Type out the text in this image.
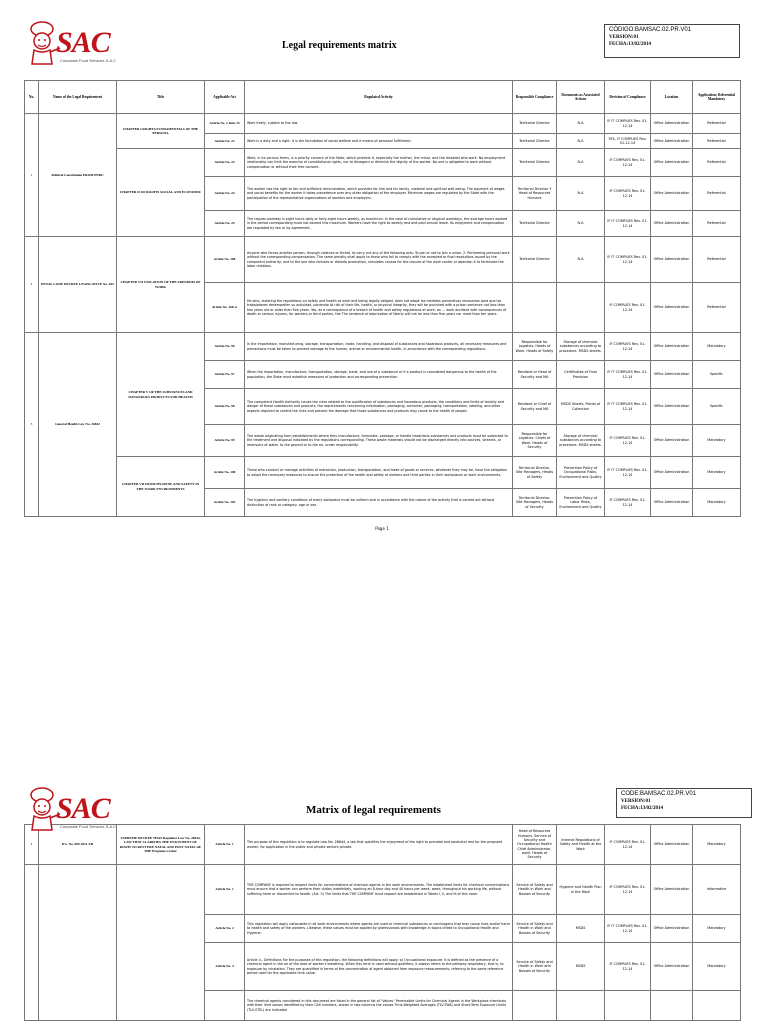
SAC
Corporate Food Services S.A.C
Legal requirements matrix
CÓDIGO:BAMSAC.02.PR.V01
VERSION:01
FECHA:13/02/2014
No.	Name of the Legal Requirement	Title	Applicable Art	Regulated Activity	Responsible Compliance	Documents as Associated Actions	Revision of Compliance	Location	Application: Referential Mandatory
1	Political Constitution FROM PERU	CHAPTER I RIGHTS FUNDAMENTALS OF THE PERSONA	Article No. 2 Item 15	Work freely, subject to the law.	Territorial Director	N.A	IF IT COMPLIES Rev. 01-12-14	Office Administration	Referential
			Article No. 22	Work is a duty and a right. It is the foundation of social welfare and a means of personal fulfillment.	Territorial Director	N.A	YES, IT COMPLIES Rev. 01-12-14	Office Administration	Referential
		CHAPTER II OF RIGHTS SOCIAL AND ECONOMIC	Article No. 23	Work, in its various forms, is a priority concern of the State, which protects it, especially the mother, the minor, and the disabled who work. No employment relationship can limit the exercise of constitutional rights, nor to disregard or diminish the dignity of the worker. No one is obligated to work without compensation or without their free consent.	Territorial Director	N.A	IF COMPLIES Rev. 01-12-14	Office Administration	Referential
			Article No. 24	The worker has the right to fair and sufficient remuneration, which provides for him and his family, material and spiritual well-being. The payment of wages and social benefits for the worker it takes precedence over any other obligation of the employer. Minimum wages are regulated by the State with the participation of the representative organizations of workers and employers.	Territorial Director Y Head of Resources Humans	N.A	IF COMPLIES Rev. 01-12-14	Office Administration	Referential
			Article No. 25	The regular workday is eight hours daily or forty-eight hours weekly, as maximum. In the case of cumulative or atypical workdays, the average hours worked in the period corresponding must not exceed this maximum. Workers have the right to weekly rest and paid annual leave. Its enjoyment and compensation are regulated by law or by agreement.	Territorial Director	N.A	IF IT COMPLIES Rev. 01-12-14	Office Administration	Referential
2	PENAL CODE DECREE LEGISLATIVE No. 635	CHAPTER VII VIOLATION OF THE FREEDOM OF WORK	Article No. 168	Anyone who forces another person, through violence or threat, to carry out any of the following acts: To join or not to join a union. 2. Performing personal work without the corresponding compensation. The same penalty shall apply to those who fail to comply with the accepted or final resolutions issued by the competent authority; and to the one who reduces or distorts production, simulates causes for the closure of the work center or abandon it to terminate the labor relations.	Territorial Director	N.A	IF IT COMPLIES Rev. 01-12-14	Office Administration	Referential
			Article No. 168-A	He who, violating the regulations on safety and health at work and being legally obliged, does not adopt las medidas preventivas necesarias para que los trabajadores desempeñen su actividad, poniendo At risk of their life, health, or physical integrity, they will be punished with a prison sentence not less than two years old or older than five years. Yes, as a consequence of a breach of health and safety regulations at work, an ... work accident with consequences of death or serious injuries, for workers or third parties, the The sentence of deprivation of liberty will not be less than five years nor more than ten years.			IF COMPLIES Rev. 01-12-14	Office Administration	Referential
3	General Health Law No. 26842	CHAPTER V OF THE SUBSTANCES AND DANGEROUS PRODUCTS FOR HEALTH	Article No. 96	In the importation, manufacturing, storage, transportation, trade, handling, and disposal of substances and hazardous products, all necessary measures and precautions must be taken to prevent damage to the human, animal or environmental health, in accordance with the corresponding regulations.	Responsible for Logistics. Heads of Work. Heads of Safety	Storage of chemical substances according to procedure. MSDS sheets.	IF COMPLIES Rev. 01-12-14	Office Administration	Mandatory
			Article No. 97	When the importation, manufacture, transportation, storage, trade, and use of a substance or if a product is considered dangerous to the health of the population, the State must establish measures of protection and corresponding prevention.	Resident or Head of Security and MA	Certificates of Final Provision	IF IT COMPLIES Rev. 01-12-14	Office Administration	Specific
			Article No. 98	The competent Health Authority issues the rules related to the qualification of substances and hazardous products, the conditions and limits of toxicity and danger of these substances and products, the requirements concerning information, packaging, container, packaging, transportation, labeling, and other aspects required to control the risks and prevent the damage that those substances and products may cause to the health of people.	Resident or Chief of Security and MA	MSDS Sheets, Points of Collection	IF IT COMPLIES Rev. 01-12-14	Office Administration	Specific
			Article No. 99	The waste originating from establishments where they manufacture, formulate, package, or handle hazardous substances and products must be subjected to the treatment and disposal indicated by the regulations corresponding. These waste materials should not be discharged directly into sources, streams, or reservoirs of water, to the ground or to the air, under responsibility.	Responsible for Logistics. Chiefs of Work. Heads of Security	Storage of chemical substances according to procedure. MSDS sheets.	IF COMPLIES Rev. 01-12-14	Office Administration	Mandatory
		CHAPTER VII FROM HYGIENE AND SAFETY IN THE WORK ENVIRONMENTS	Article No. 100	Those who conduct or manage activities of extraction, production, transportation, and trade of goods or services, whatever they may be, have the obligation to adopt the necessary measures to ensure the protection of the health and safety of workers and third parties in their workplaces or work environments.	Territorial Director, Site Managers, Heads of Safety	Prevention Policy of Occupational Risks, Environment and Quality	IF IT COMPLIES Rev. 01-12-14	Office Administration	Mandatory
			Article No. 102	The hygienic and sanitary conditions of every workplace must be uniform and in accordance with the nature of the activity that is carried out without distinction of rank or category, age or sex.	Territorial Director, Site Managers, Heads of Security	Prevention Policy of Labor Risks, Environment and Quality	IF COMPLIES Rev. 01-12-14	Office Administration	Mandatory
Page 1
SAC
Corporate Food Services S.A.C
Matrix of legal requirements
CODE:BAMSAC.02.PR.V01
VERSION:01
FECHA:13/02/2014
4	D.S. No. 009-2011-TR	SUPREME DECREE THAT Regulates Law No. 26644, LAW THAT CLARIFIES THE ENJOYMENT OF RIGHT TO REST PRE NATAL AND POST NATAL OF THE Pregnant worker	Article No. 1	The purpose of this regulation is to regulate Law No. 26644, a law that specifies the enjoyment of the right to prenatal and postnatal rest for the pregnant worker, for application in the public and private sectors private.	Head of Resources Humans, Service of Security and Occupational Health Chief Administrator, work, Heads of Security	Internal Regulations of Safety and Health at the Work	IF COMPLIES Rev. 01-12-14	Office Administration	Mandatory
			Article No. 1	THE COMPANY is required to respect limits for concentrations of chemical agents in the work environments. The established limits for chemical concentrations must ensure that a worker can perform their duties indefinitely, working an 8-hour day and 40 hours per week, week, throughout his working life, without suffering harm or discomfort to health. (Art. 5) The limits that THE COMPANY must respect are established in Tables I, II, and III of this norm.	Service of Safety and Health in Work and Bosses of Security	Hygiene and Health Plan in the Work	IF COMPLIES Rev. 01-12-14	Office Administration	Informative
			Article No. 2	This regulation will apply nationwide in all work environments where agents are used or chemical substances or carcinogens that may cause risks and/or harm to health and safety of the workers. Likewise, these values must be applied by professionals with knowledge in topics linked to Occupational Health and Hygiene.	Service of Safety and Health in Work and Bosses of Security	MSDS	IF IT COMPLIES Rev. 01-12-14	Office Administration	Mandatory
			Article No. 4	Article 4.- Definitions For the purposes of this regulation, the following definitions will apply: a) Occupational exposure: It is defined as the presence of a chemical agent in the air of the area of worker's breathing. When this term is used without qualifiers, it always refers to the pathway respiratory, that is, to exposure by inhalation. They are quantified in terms of the concentration of agent obtained from exposure measurements, referring to the same reference period used for the applicable limit value.	Service of Safety and Health in Work and Bosses of Security	MSDS	IF COMPLIES Rev. 01-12-14	Office Administration	Mandatory
				The chemical agents considered in this document are listed in the general list of "Values" Permissible Limits for Chemical Agents in the Workplace chemicals with their limit values identified by their CAS numbers, shown in two columns the values Time-Weighted Averages (TLV-TWA) and Short-Term Exposure Limits (TLV-STEL) are indicated					
